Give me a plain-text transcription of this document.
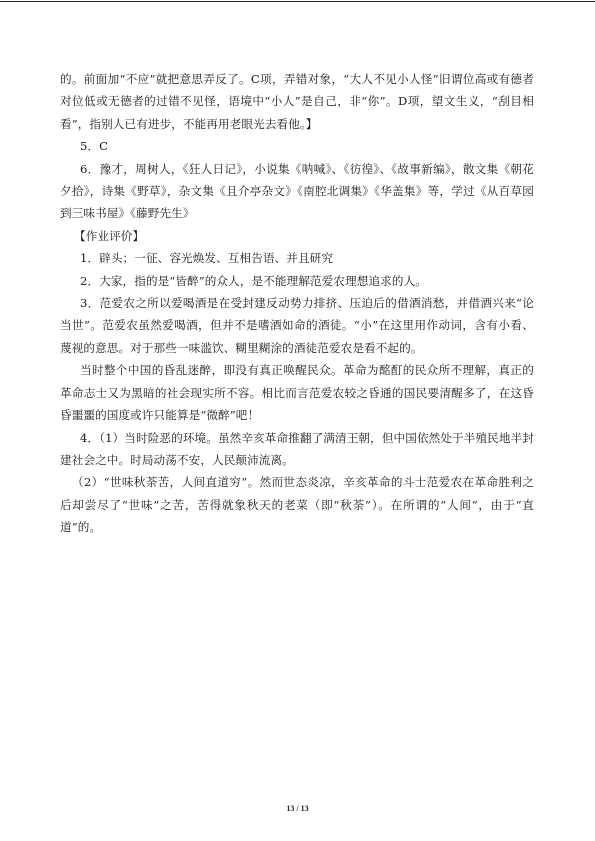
的。前面加“不应”就把意思弄反了。C项，弄错对象，“大人不见小人怪”旧谓位高或有德者对位低或无德者的过错不见怪，语境中“小人”是自己，非“你”。D项，望文生义，“刮目相看”，指别人已有进步，不能再用老眼光去看他。】

5．C

6．豫才，周树人，《狂人日记》，小说集《呐喊》、《彷徨》、《故事新编》，散文集《朝花夕拾》，诗集《野草》，杂文集《且介亭杂文》《南腔北调集》《华盖集》等，学过《从百草园到三味书屋》《藤野先生》

【作业评价】

1．辟头；一征、容光焕发、互相告语、并且研究

2．大家，指的是“皆醉”的众人，是不能理解范爱农理想追求的人。

3．范爱农之所以爱喝酒是在受封建反动势力排挤、压迫后的借酒消愁，并借酒兴来“论当世”。范爱农虽然爱喝酒，但并不是嗜酒如命的酒徒。“小”在这里用作动词，含有小看、蔑视的意思。对于那些一味滥饮、糊里糊涂的酒徒范爱农是看不起的。

当时整个中国的昏乱迷醉，即没有真正唤醒民众。革命为酩酊的民众所不理解，真正的革命志士又为黑暗的社会现实所不容。相比而言范爱农较之昏通的国民要清醒多了，在这昏昏噩噩的国度或许只能算是“微醉”吧！

4．（1）当时险恶的环境。虽然辛亥革命推翻了满清王朝，但中国依然处于半殖民地半封建社会之中。时局动荡不安，人民颠沛流离。

（2）“世味秋荼苦，人间直道穷”。然而世态炎凉，辛亥革命的斗士范爱农在革命胜利之后却尝尽了“世味”之苦，苦得就象秋天的老菜（即“秋荼”）。在所谓的“人间”，由于“直道”的。

13 / 13
